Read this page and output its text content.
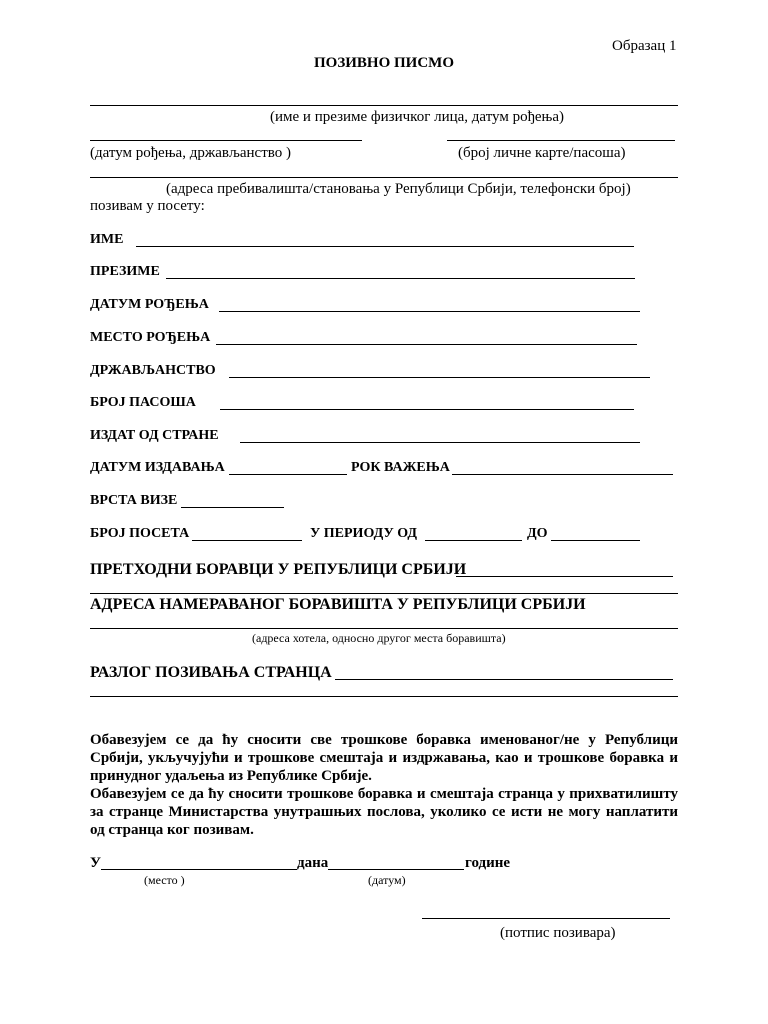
Образац 1
ПОЗИВНО ПИСМО
(име и презиме физичког лица, датум рођења)
(датум рођења, држављанство )	(број личне карте/пасоша)
(адреса пребивалишта/становања у Републици Србији, телефонски број)
позивам у посету:
ИМЕ
ПРЕЗИМЕ
ДАТУМ РОЂЕЊА
МЕСТО РОЂЕЊА
ДРЖАВЉАНСТВО
БРОЈ ПАСОША
ИЗДАТ ОД СТРАНЕ
ДАТУМ ИЗДАВАЊА	РОК ВАЖЕЊА
ВРСТА ВИЗЕ
БРОЈ ПОСЕТА	У ПЕРИОДУ ОД	ДО
ПРЕТХОДНИ БОРАВЦИ У РЕПУБЛИЦИ СРБИЈИ
АДРЕСА НАМЕРАВАНОГ БОРАВИШТА У РЕПУБЛИЦИ СРБИЈИ
(адреса хотела, односно другог места боравишта)
РАЗЛОГ ПОЗИВАЊА СТРАНЦА
Обавезујем се да ћу сносити све трошкове боравка именованог/не у Републици Србији, укључујући и трошкове смештаја и издржавања, као и трошкове боравка и принудног удаљења из Републике Србије.
Обавезујем се да ћу сносити трошкове боравка и смештаја странца у прихватилишту за странце Министарства унутрашњих послова, уколико се исти не могу наплатити од странца ког позивам.
У	дана	године
(место )	(датум)
(потпис позивара)
